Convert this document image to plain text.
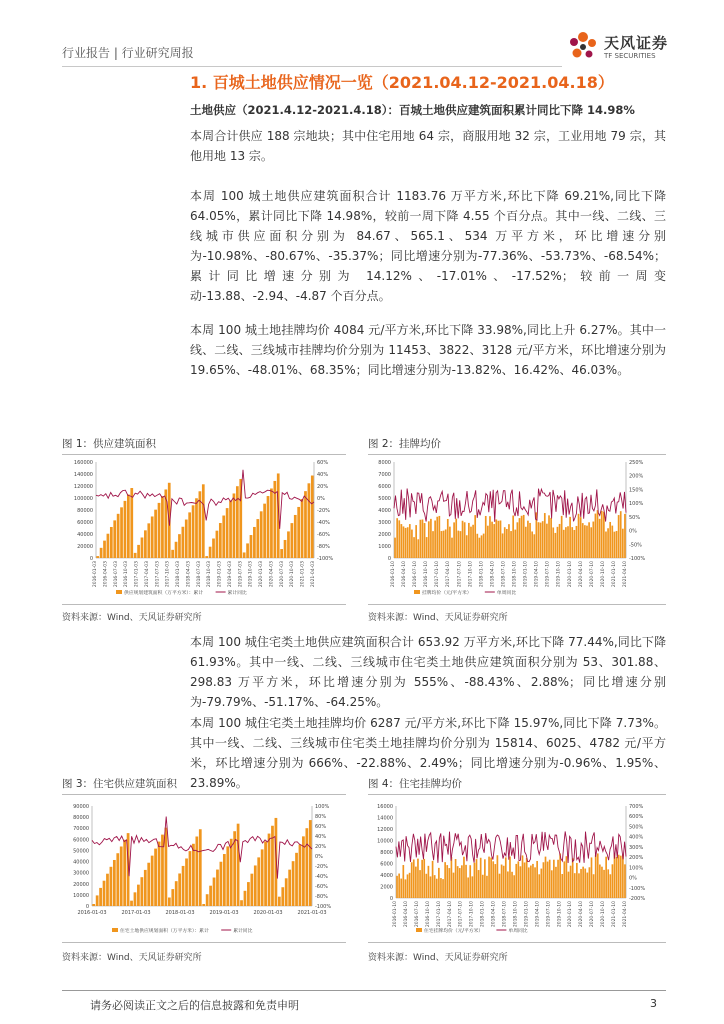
行业报告 | 行业研究周报
天风证券
TF SECURITIES
1. 百城土地供应情况一览（2021.04.12-2021.04.18）
土地供应（2021.4.12-2021.4.18）：百城土地供应建筑面积累计同比下降 14.98%
本周合计供应 188 宗地块；其中住宅用地 64 宗，商服用地 32 宗，工业用地 79 宗，其他用地 13 宗。
本周 100 城土地供应建筑面积合计 1183.76 万平方米,环比下降 69.21%,同比下降 64.05%，累计同比下降 14.98%，较前一周下降 4.55 个百分点。其中一线、二线、三线城市供应面积分别为 84.67、565.1、534 万平方米，环比增速分别为-10.98%、-80.67%、-35.37%；同比增速分别为-77.36%、-53.73%、-68.54%；累计同比增速分别为 14.12%、-17.01%、-17.52%；较前一周变动-13.88、-2.94、-4.87 个百分点。
本周 100 城土地挂牌均价 4084 元/平方米,环比下降 33.98%,同比上升 6.27%。其中一线、二线、三线城市挂牌均价分别为 11453、3822、3128 元/平方米，环比增速分别为 19.65%、-48.01%、68.35%；同比增速分别为-13.82%、16.42%、46.03%。
图 1：供应建筑面积
160000
140000
120000
100000
80000
60000
40000
20000
0
60%
40%
20%
0%
-20%
-40%
-60%
-80%
-100%
2016-01-03 2016-04-03 2016-07-03 2016-10-03 2017-01-03 2017-04-03 2017-07-03 2017-10-03 2018-01-03 2018-04-03 2018-07-03 2018-10-03 2019-01-03 2019-04-03 2019-07-03 2019-10-03 2020-01-03 2020-04-03 2020-07-03 2020-10-03 2021-01-03 2021-04-03
供应规划建筑面积（万平方米）：累计	累计同比
资料来源：Wind、天风证券研究所
图 2：挂牌均价
8000
7000
6000
5000
4000
3000
2000
1000
0
250%
200%
150%
100%
50%
0%
-50%
-100%
2016-01-10 2016-04-10 2016-07-10 2016-10-10 2017-01-10 2017-04-10 2017-07-10 2017-10-10 2018-01-10 2018-04-10 2018-07-10 2018-10-10 2019-01-10 2019-04-10 2019-07-10 2019-10-10 2020-01-10 2020-04-10 2020-07-10 2020-10-10 2021-01-10 2021-04-10
挂牌均价（元/平方米）	单周同比
资料来源：Wind、天风证券研究所
本周 100 城住宅类土地供应建筑面积合计 653.92 万平方米,环比下降 77.44%,同比下降 61.93%。其中一线、二线、三线城市住宅类土地供应建筑面积分别为 53、301.88、298.83 万平方米，环比增速分别为 555%、-88.43%、2.88%；同比增速分别为-79.79%、-51.17%、-64.25%。
本周 100 城住宅类土地挂牌均价 6287 元/平方米,环比下降 15.97%,同比下降 7.73%。其中一线、二线、三线城市住宅类土地挂牌均价分别为 15814、6025、4782 元/平方米，环比增速分别为 666%、-22.88%、2.49%；同比增速分别为-0.96%、1.95%、23.89%。
图 3：住宅供应建筑面积
90000
80000
70000
60000
50000
40000
30000
20000
10000
0
100%
80%
60%
40%
20%
0%
-20%
-40%
-60%
-80%
-100%
2016-01-03	2017-01-03	2018-01-03	2019-01-03	2020-01-03	2021-01-03
住宅土地供应规划面积（万平方米）：累计	累计同比
资料来源：Wind、天风证券研究所
图 4：住宅挂牌均价
16000
14000
12000
10000
8000
6000
4000
2000
0
700%
600%
500%
400%
300%
200%
100%
0%
-100%
-200%
2016-01-10 2016-04-10 2016-07-10 2016-10-10 2017-01-10 2017-04-10 2017-07-10 2017-10-10 2018-01-10 2018-04-10 2018-07-10 2018-10-10 2019-01-10 2019-04-10 2019-07-10 2019-10-10 2020-01-10 2020-04-10 2020-07-10 2020-10-10 2021-01-10 2021-04-10
住宅挂牌均价（元/平方米）	单周同比
资料来源：Wind、天风证券研究所
请务必阅读正文之后的信息披露和免责申明	3
